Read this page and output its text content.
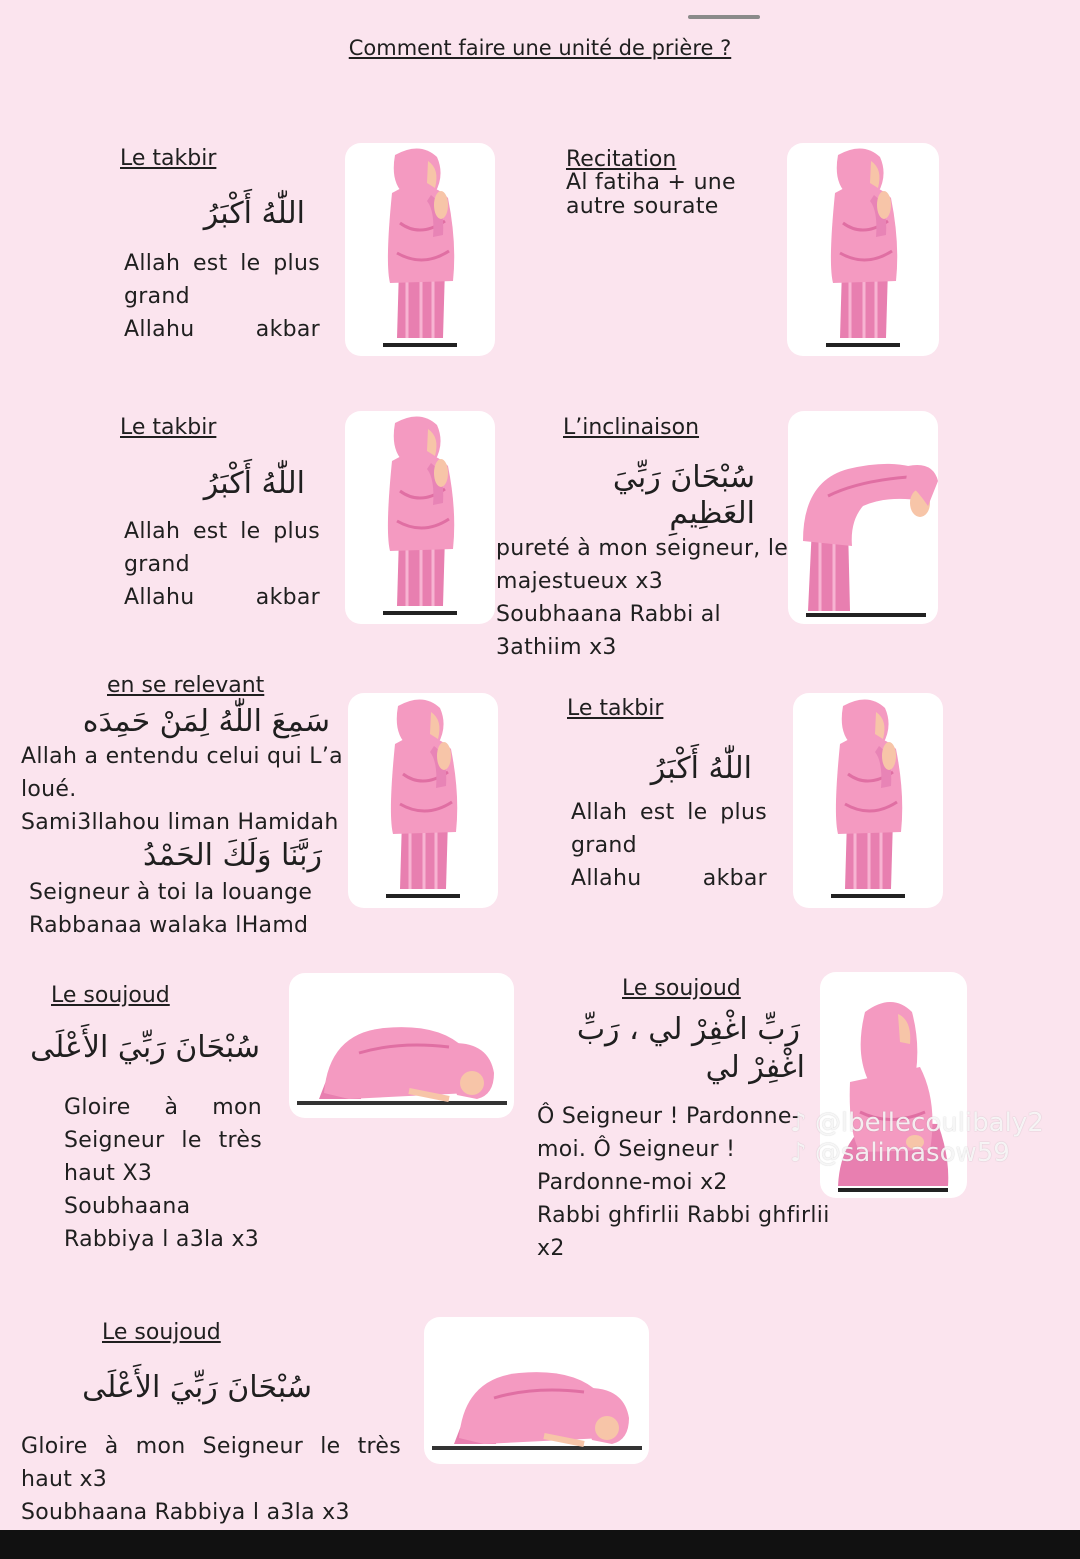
Comment faire une unité de prière ?
Le takbir
اللّٰهُ أَكْبَرُ
Allah est le plus
grand
Allahu	akbar
Recitation
Al fatiha + une
autre sourate
Le takbir
اللّٰهُ أَكْبَرُ
Allah est le plus
grand
Allahu	akbar
L’inclinaison
سُبْحَانَ رَبِّيَ
العَظِيمِ
pureté à mon seigneur, le
majestueux x3
Soubhaana Rabbi al
3athiim x3
en se relevant
سَمِعَ اللّٰهُ لِمَنْ حَمِدَه
Allah a entendu celui qui L’a
loué.
Sami3llahou liman Hamidah
رَبَّنَا وَلَكَ الحَمْدُ
Seigneur à toi la louange
Rabbanaa walaka lHamd
Le takbir
اللّٰهُ أَكْبَرُ
Allah est le plus
grand
Allahu	akbar
Le soujoud
سُبْحَانَ رَبِّيَ الأَعْلَى
Gloire à mon
Seigneur le très
haut X3
Soubhaana
Rabbiya l a3la x3
Le soujoud
رَبِّ اغْفِرْ لي ، رَبِّ
اغْفِرْ لي
Ô Seigneur ! Pardonne-
moi. Ô Seigneur !
Pardonne-moi x2
Rabbi ghfirlii Rabbi ghfirlii
x2
♪ @lbellecoulibaly2
♪ @salimasow59
Le soujoud
سُبْحَانَ رَبِّيَ الأَعْلَى
Gloire à mon Seigneur le très
haut x3
Soubhaana Rabbiya l a3la x3
